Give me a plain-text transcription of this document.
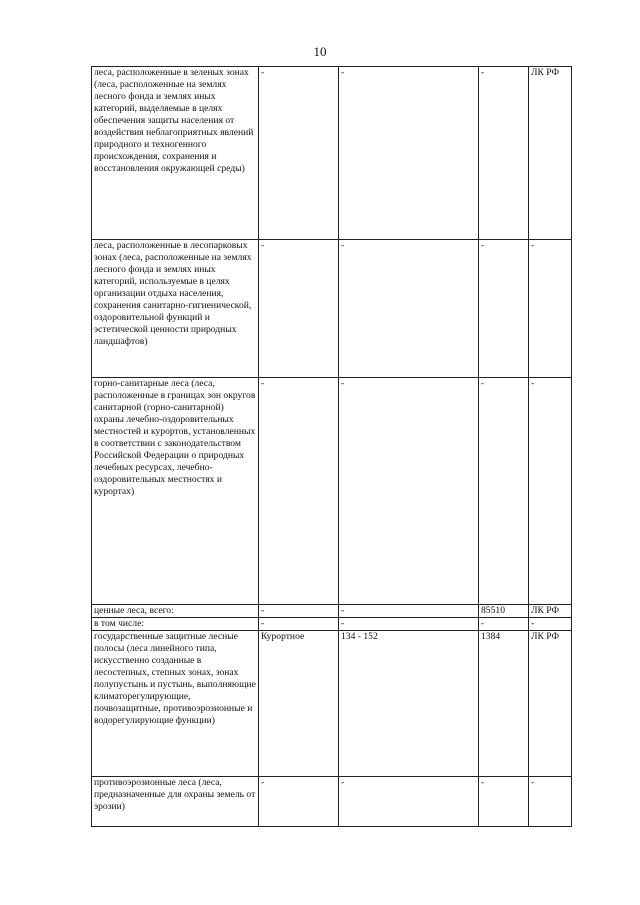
10
леса, расположенные в зеленых зонах (леса, расположенные на землях лесного фонда и землях иных категорий, выделяемые в целях обеспечения защиты населения от воздействия неблагоприятных явлений природного и техногенного происхождения, сохранения и восстановления окружающей среды)	-	-	-	ЛК РФ
леса, расположенные в лесопарковых зонах (леса, расположенные на землях лесного фонда и землях иных категорий, используемые в целях организации отдыха населения, сохранения санитарно-гигиенической, оздоровительной функций и эстетической ценности природных ландшафтов)	-	-	-	-
горно-санитарные леса (леса, расположенные в границах зон округов санитарной (горно-санитарной) охраны лечебно-оздоровительных местностей и курортов, установленных в соответствии с законодательством Российской Федерации о природных лечебных ресурсах, лечебно-оздоровительных местностях и курортах)	-	-	-	-
ценные леса, всего:	-	-	85510	ЛК РФ
в том числе:	-	-	-	-
государственные защитные лесные полосы (леса линейного типа, искусственно созданные в лесостепных, степных зонах, зонах полупустынь и пустынь, выполняющие климаторегулирующие, почвозащитные, противоэрозионные и водорегулирующие функции)	Курортное	134 - 152	1384	ЛК РФ
противоэрозионные леса (леса, предназначенные для охраны земель от эрозии)	-	-	-	-
